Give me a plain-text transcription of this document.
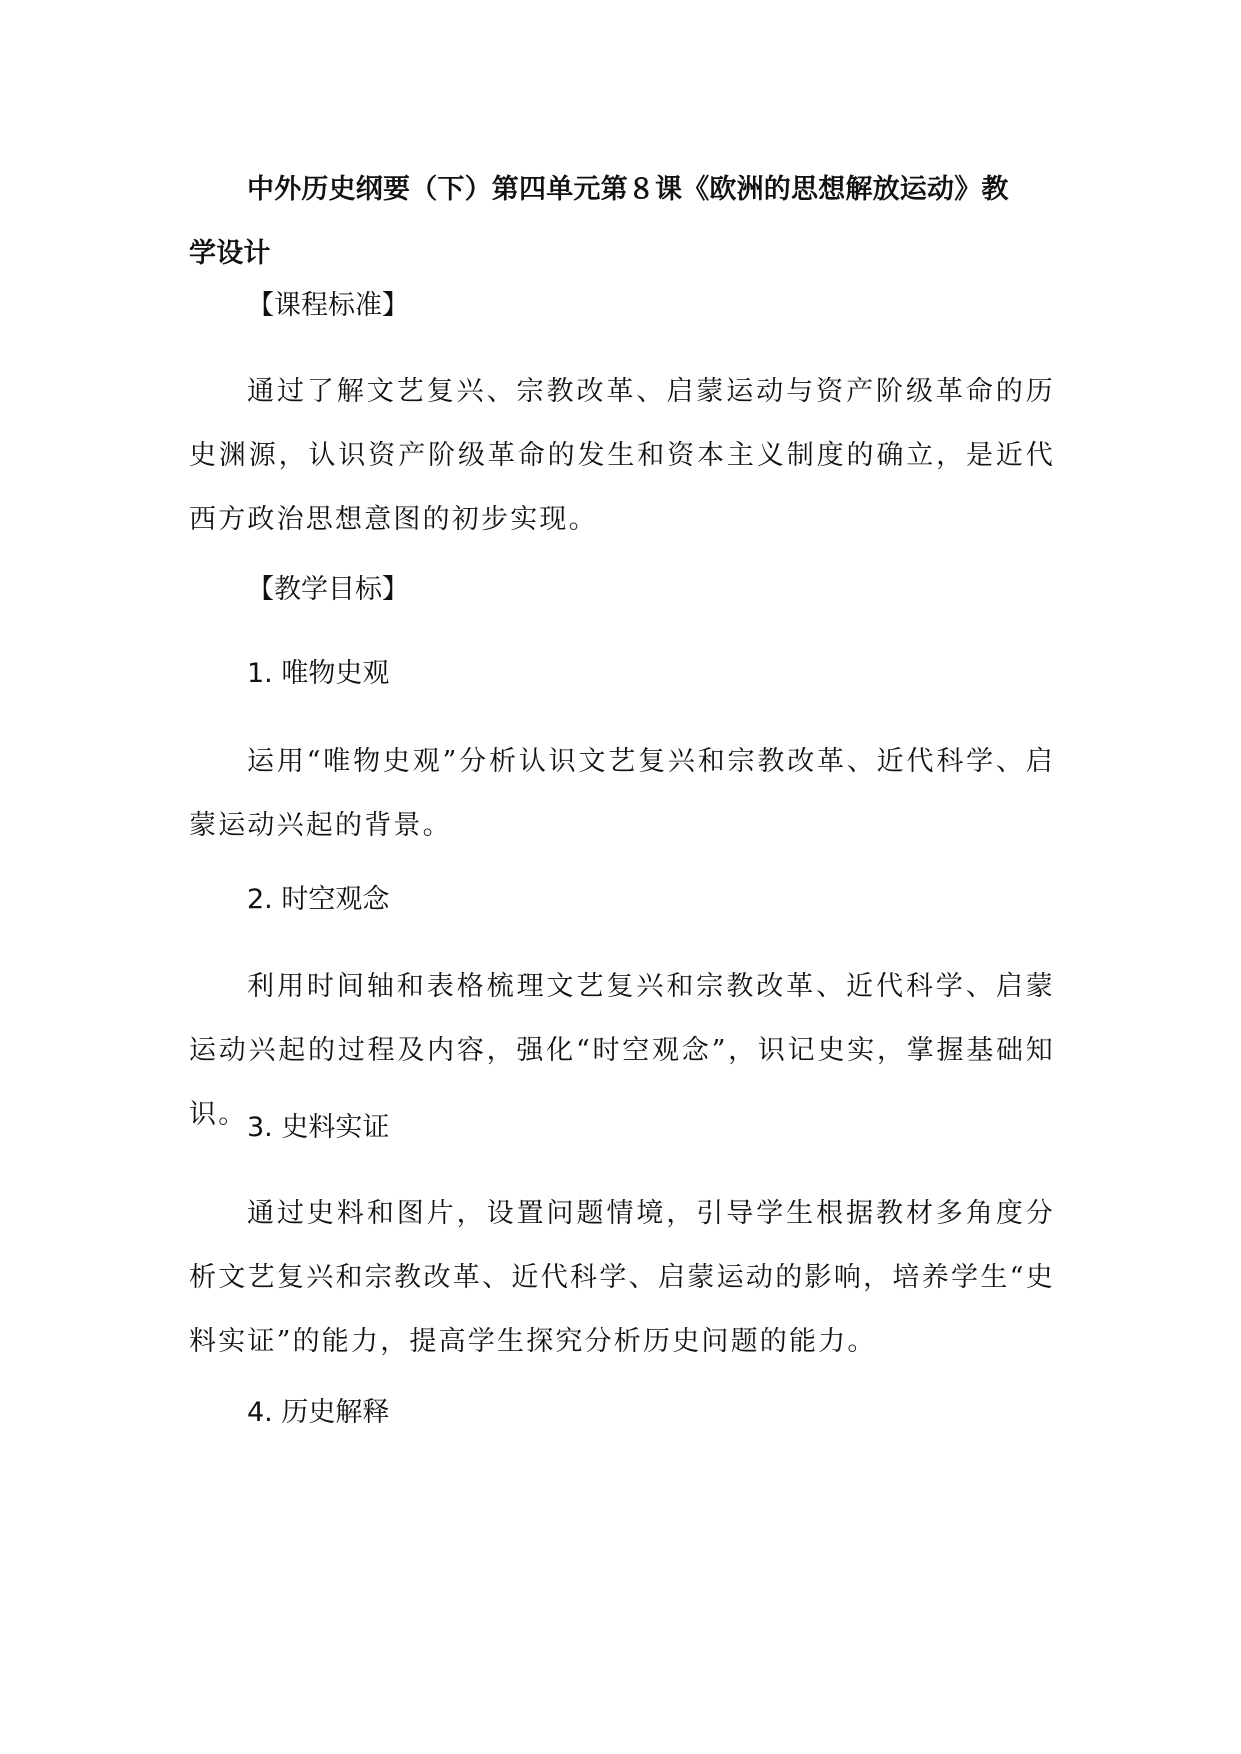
中外历史纲要（下）第四单元第８课《欧洲的思想解放运动》教
学设计

【课程标准】

通过了解文艺复兴、宗教改革、启蒙运动与资产阶级革命的历史渊源，认识资产阶级革命的发生和资本主义制度的确立，是近代西方政治思想意图的初步实现。

【教学目标】

1. 唯物史观

运用“唯物史观”分析认识文艺复兴和宗教改革、近代科学、启蒙运动兴起的背景。

2. 时空观念

利用时间轴和表格梳理文艺复兴和宗教改革、近代科学、启蒙运动兴起的过程及内容，强化“时空观念”，识记史实，掌握基础知识。 3. 史料实证

通过史料和图片，设置问题情境，引导学生根据教材多角度分析文艺复兴和宗教改革、近代科学、启蒙运动的影响，培养学生“史料实证”的能力，提高学生探究分析历史问题的能力。

4. 历史解释
